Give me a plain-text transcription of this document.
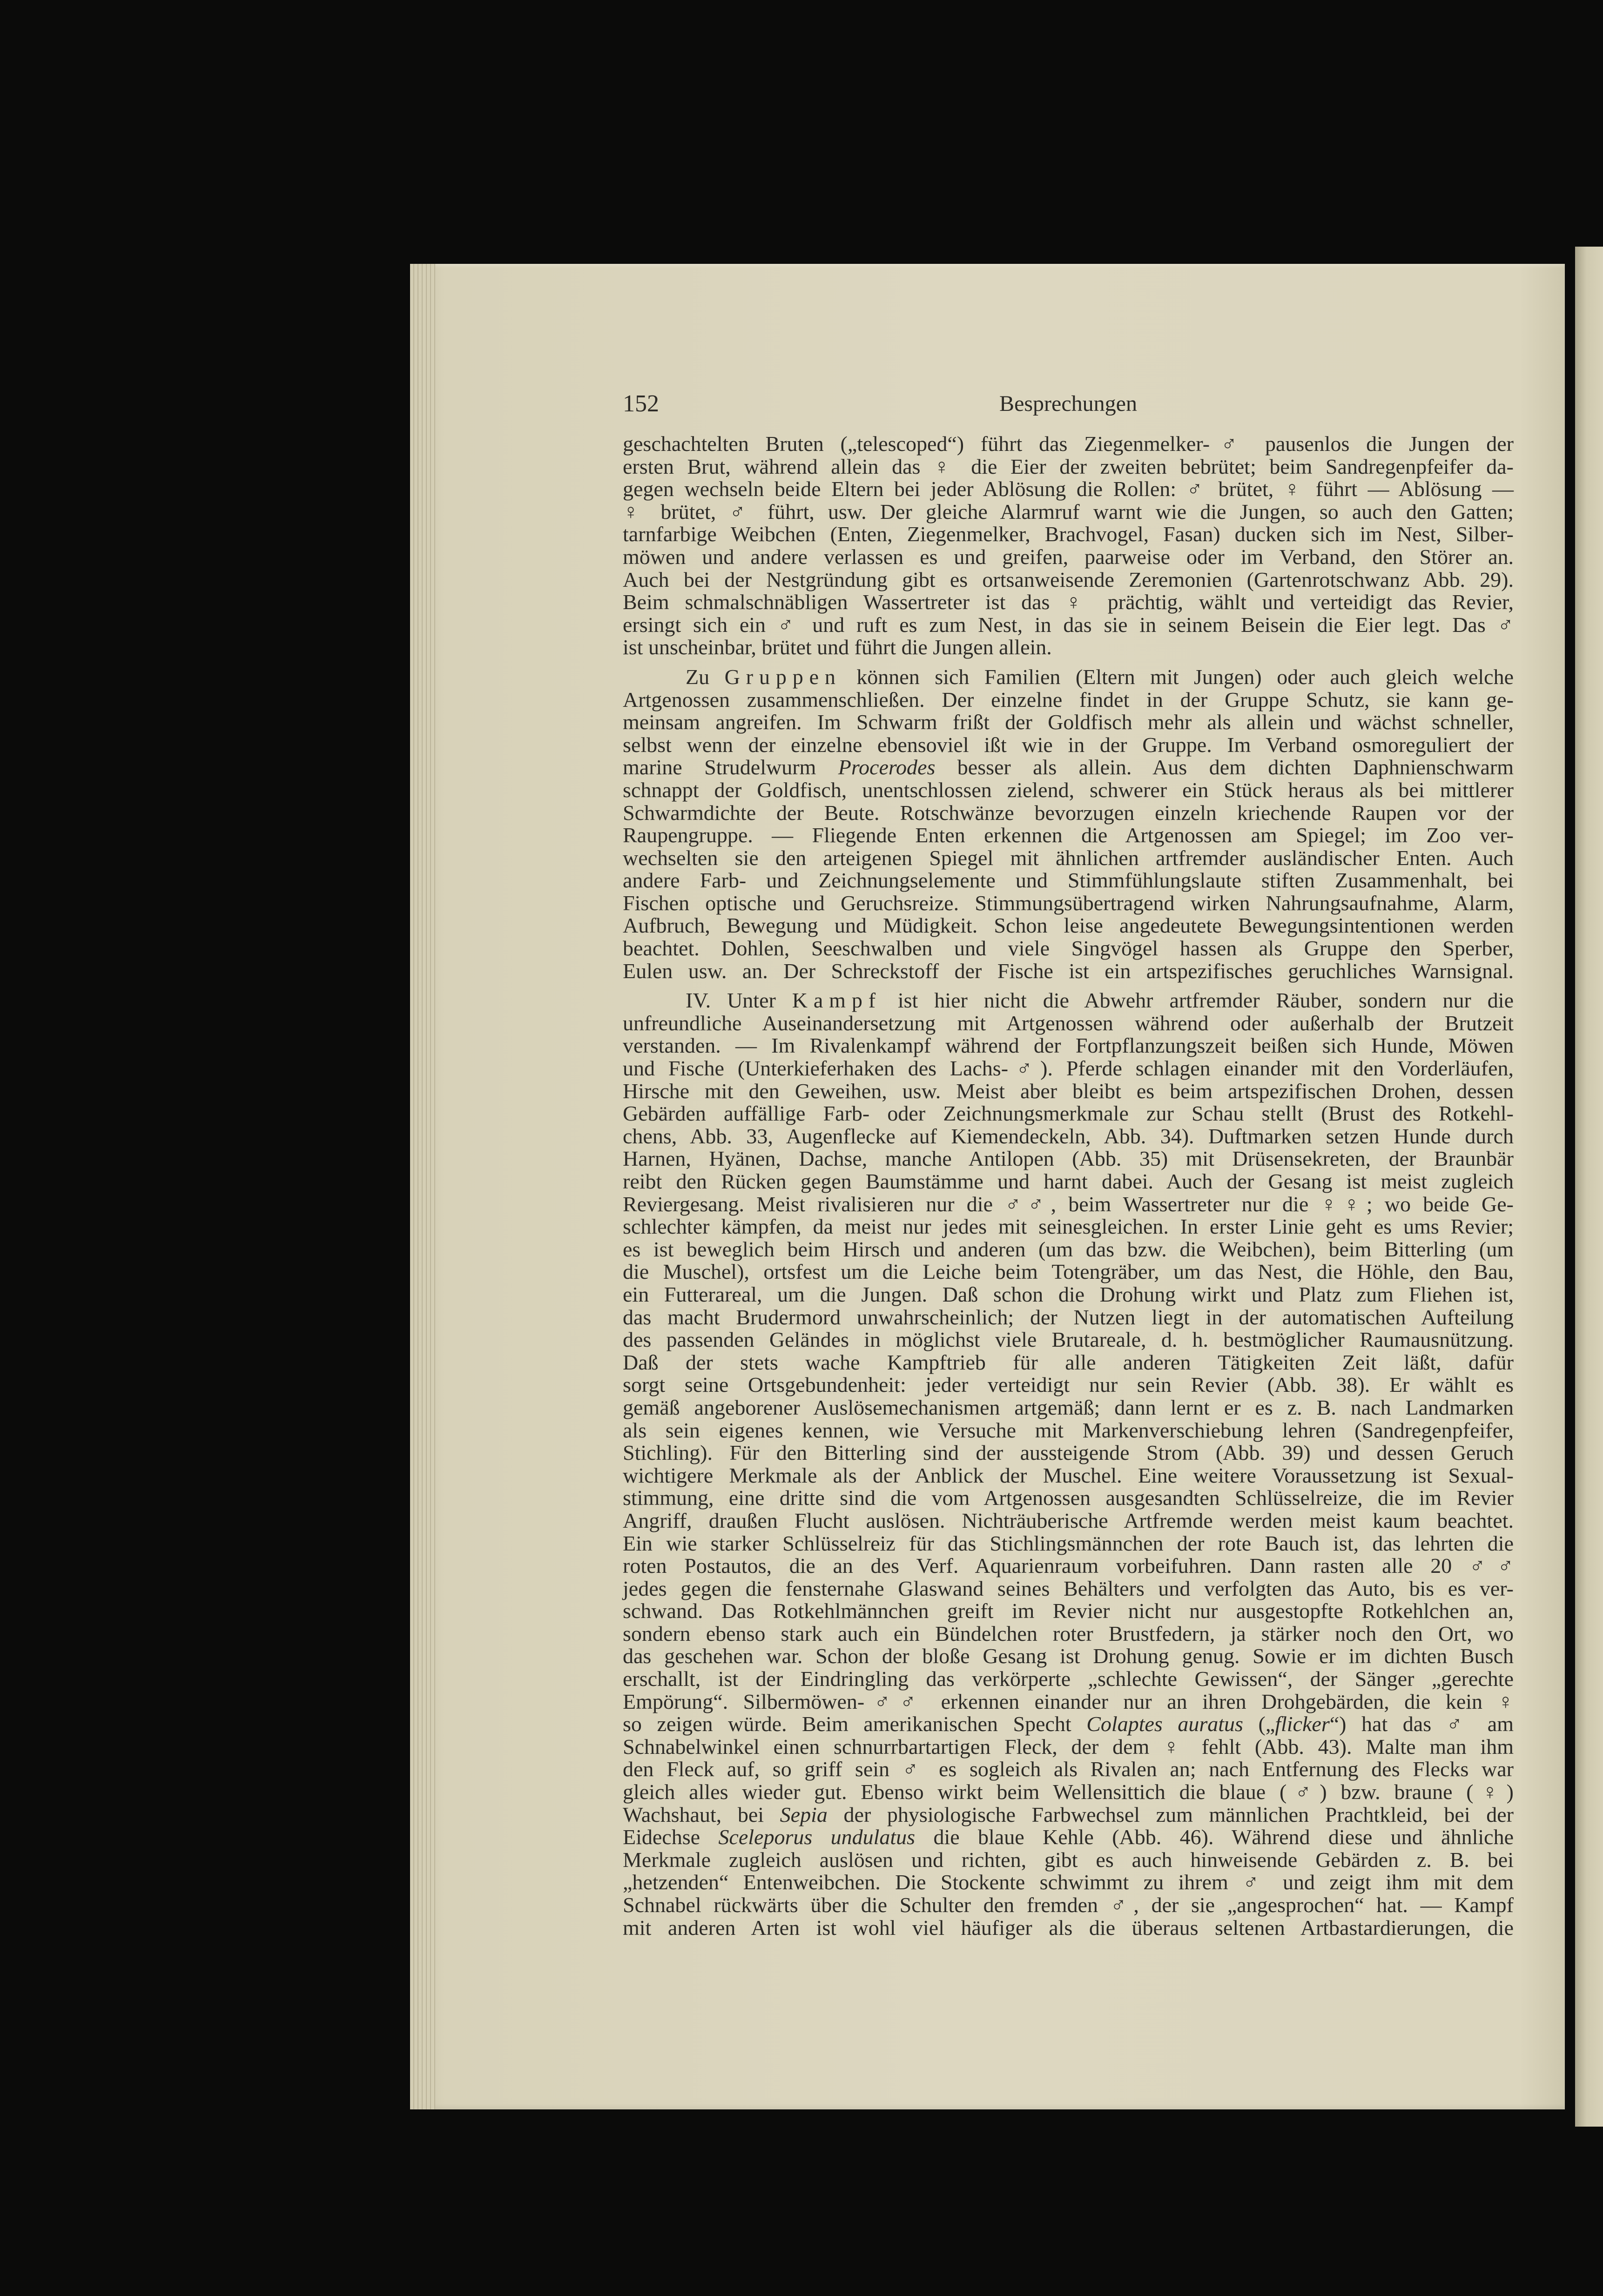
152	Besprechungen
geschachtelten Bruten („telescoped“) führt das Ziegenmelker-♂ pausenlos die Jungen der
ersten Brut, während allein das ♀ die Eier der zweiten bebrütet; beim Sandregenpfeifer da-
gegen wechseln beide Eltern bei jeder Ablösung die Rollen: ♂ brütet, ♀ führt — Ablösung —
♀ brütet, ♂ führt, usw. Der gleiche Alarmruf warnt wie die Jungen, so auch den Gatten;
tarnfarbige Weibchen (Enten, Ziegenmelker, Brachvogel, Fasan) ducken sich im Nest, Silber-
möwen und andere verlassen es und greifen, paarweise oder im Verband, den Störer an.
Auch bei der Nestgründung gibt es ortsanweisende Zeremonien (Gartenrotschwanz Abb. 29).
Beim schmalschnäbligen Wassertreter ist das ♀ prächtig, wählt und verteidigt das Revier,
ersingt sich ein ♂ und ruft es zum Nest, in das sie in seinem Beisein die Eier legt. Das ♂
ist unscheinbar, brütet und führt die Jungen allein.
Zu Gruppen können sich Familien (Eltern mit Jungen) oder auch gleich welche
Artgenossen zusammenschließen. Der einzelne findet in der Gruppe Schutz, sie kann ge-
meinsam angreifen. Im Schwarm frißt der Goldfisch mehr als allein und wächst schneller,
selbst wenn der einzelne ebensoviel ißt wie in der Gruppe. Im Verband osmoreguliert der
marine Strudelwurm Procerodes besser als allein. Aus dem dichten Daphnienschwarm
schnappt der Goldfisch, unentschlossen zielend, schwerer ein Stück heraus als bei mittlerer
Schwarmdichte der Beute. Rotschwänze bevorzugen einzeln kriechende Raupen vor der
Raupengruppe. — Fliegende Enten erkennen die Artgenossen am Spiegel; im Zoo ver-
wechselten sie den arteigenen Spiegel mit ähnlichen artfremder ausländischer Enten. Auch
andere Farb- und Zeichnungselemente und Stimmfühlungslaute stiften Zusammenhalt, bei
Fischen optische und Geruchsreize. Stimmungsübertragend wirken Nahrungsaufnahme, Alarm,
Aufbruch, Bewegung und Müdigkeit. Schon leise angedeutete Bewegungsintentionen werden
beachtet. Dohlen, Seeschwalben und viele Singvögel hassen als Gruppe den Sperber,
Eulen usw. an. Der Schreckstoff der Fische ist ein artspezifisches geruchliches Warnsignal.
IV. Unter Kampf ist hier nicht die Abwehr artfremder Räuber, sondern nur die
unfreundliche Auseinandersetzung mit Artgenossen während oder außerhalb der Brutzeit
verstanden. — Im Rivalenkampf während der Fortpflanzungszeit beißen sich Hunde, Möwen
und Fische (Unterkieferhaken des Lachs-♂). Pferde schlagen einander mit den Vorderläufen,
Hirsche mit den Geweihen, usw. Meist aber bleibt es beim artspezifischen Drohen, dessen
Gebärden auffällige Farb- oder Zeichnungsmerkmale zur Schau stellt (Brust des Rotkehl-
chens, Abb. 33, Augenflecke auf Kiemendeckeln, Abb. 34). Duftmarken setzen Hunde durch
Harnen, Hyänen, Dachse, manche Antilopen (Abb. 35) mit Drüsensekreten, der Braunbär
reibt den Rücken gegen Baumstämme und harnt dabei. Auch der Gesang ist meist zugleich
Reviergesang. Meist rivalisieren nur die ♂♂, beim Wassertreter nur die ♀♀; wo beide Ge-
schlechter kämpfen, da meist nur jedes mit seinesgleichen. In erster Linie geht es ums Revier;
es ist beweglich beim Hirsch und anderen (um das bzw. die Weibchen), beim Bitterling (um
die Muschel), ortsfest um die Leiche beim Totengräber, um das Nest, die Höhle, den Bau,
ein Futterareal, um die Jungen. Daß schon die Drohung wirkt und Platz zum Fliehen ist,
das macht Brudermord unwahrscheinlich; der Nutzen liegt in der automatischen Aufteilung
des passenden Geländes in möglichst viele Brutareale, d. h. bestmöglicher Raumausnützung.
Daß der stets wache Kampftrieb für alle anderen Tätigkeiten Zeit läßt, dafür
sorgt seine Ortsgebundenheit: jeder verteidigt nur sein Revier (Abb. 38). Er wählt es
gemäß angeborener Auslösemechanismen artgemäß; dann lernt er es z. B. nach Landmarken
als sein eigenes kennen, wie Versuche mit Markenverschiebung lehren (Sandregenpfeifer,
Stichling). Für den Bitterling sind der aussteigende Strom (Abb. 39) und dessen Geruch
wichtigere Merkmale als der Anblick der Muschel. Eine weitere Voraussetzung ist Sexual-
stimmung, eine dritte sind die vom Artgenossen ausgesandten Schlüsselreize, die im Revier
Angriff, draußen Flucht auslösen. Nichträuberische Artfremde werden meist kaum beachtet.
Ein wie starker Schlüsselreiz für das Stichlingsmännchen der rote Bauch ist, das lehrten die
roten Postautos, die an des Verf. Aquarienraum vorbeifuhren. Dann rasten alle 20 ♂♂
jedes gegen die fensternahe Glaswand seines Behälters und verfolgten das Auto, bis es ver-
schwand. Das Rotkehlmännchen greift im Revier nicht nur ausgestopfte Rotkehlchen an,
sondern ebenso stark auch ein Bündelchen roter Brustfedern, ja stärker noch den Ort, wo
das geschehen war. Schon der bloße Gesang ist Drohung genug. Sowie er im dichten Busch
erschallt, ist der Eindringling das verkörperte „schlechte Gewissen“, der Sänger „gerechte
Empörung“. Silbermöwen-♂♂ erkennen einander nur an ihren Drohgebärden, die kein ♀
so zeigen würde. Beim amerikanischen Specht Colaptes auratus („flicker“) hat das ♂ am
Schnabelwinkel einen schnurrbartartigen Fleck, der dem ♀ fehlt (Abb. 43). Malte man ihm
den Fleck auf, so griff sein ♂ es sogleich als Rivalen an; nach Entfernung des Flecks war
gleich alles wieder gut. Ebenso wirkt beim Wellensittich die blaue (♂) bzw. braune (♀)
Wachshaut, bei Sepia der physiologische Farbwechsel zum männlichen Prachtkleid, bei der
Eidechse Sceleporus undulatus die blaue Kehle (Abb. 46). Während diese und ähnliche
Merkmale zugleich auslösen und richten, gibt es auch hinweisende Gebärden z. B. bei
„hetzenden“ Entenweibchen. Die Stockente schwimmt zu ihrem ♂ und zeigt ihm mit dem
Schnabel rückwärts über die Schulter den fremden ♂, der sie „angesprochen“ hat. — Kampf
mit anderen Arten ist wohl viel häufiger als die überaus seltenen Artbastardierungen, die
